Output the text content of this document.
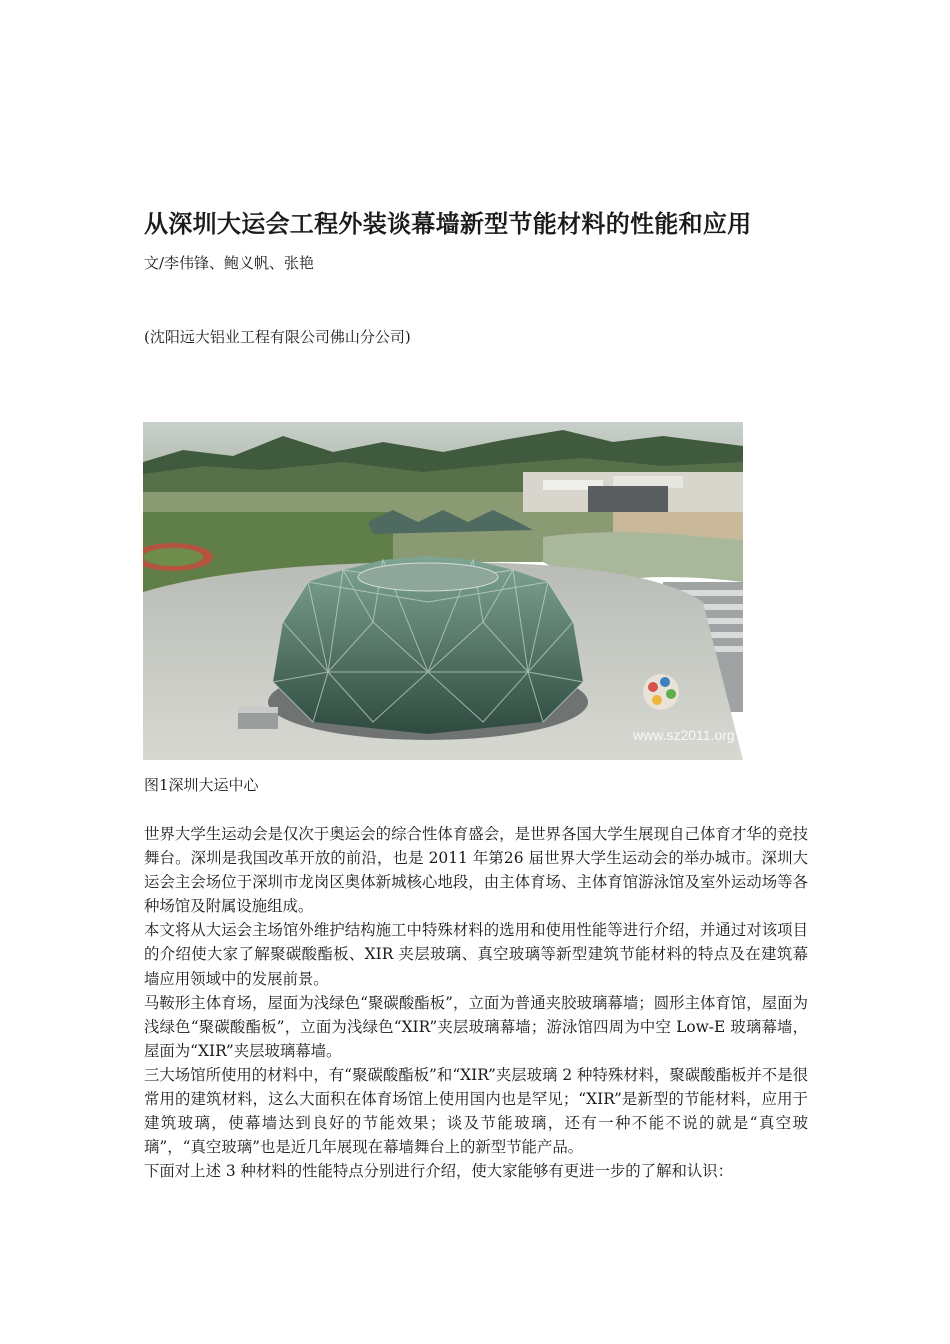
从深圳大运会工程外装谈幕墙新型节能材料的性能和应用
文/李伟锋、鲍义帆、张艳
(沈阳远大铝业工程有限公司佛山分公司)
www.sz2011.org
图1深圳大运中心

世界大学生运动会是仅次于奥运会的综合性体育盛会，是世界各国大学生展现自己体育才华的竞技舞台。深圳是我国改革开放的前沿，也是 2011 年第26 届世界大学生运动会的举办城市。深圳大运会主会场位于深圳市龙岗区奥体新城核心地段，由主体育场、主体育馆游泳馆及室外运动场等各种场馆及附属设施组成。

本文将从大运会主场馆外维护结构施工中特殊材料的选用和使用性能等进行介绍，并通过对该项目的介绍使大家了解聚碳酸酯板、XIR 夹层玻璃、真空玻璃等新型建筑节能材料的特点及在建筑幕墙应用领域中的发展前景。

马鞍形主体育场，屋面为浅绿色“聚碳酸酯板”，立面为普通夹胶玻璃幕墙；圆形主体育馆，屋面为浅绿色“聚碳酸酯板”，立面为浅绿色“XIR”夹层玻璃幕墙；游泳馆四周为中空 Low-E 玻璃幕墙，屋面为“XIR”夹层玻璃幕墙。

三大场馆所使用的材料中，有“聚碳酸酯板”和“XIR”夹层玻璃 2 种特殊材料，聚碳酸酯板并不是很常用的建筑材料，这么大面积在体育场馆上使用国内也是罕见；“XIR”是新型的节能材料，应用于建筑玻璃，使幕墙达到良好的节能效果；谈及节能玻璃，还有一种不能不说的就是“真空玻璃”，“真空玻璃”也是近几年展现在幕墙舞台上的新型节能产品。

下面对上述 3 种材料的性能特点分别进行介绍，使大家能够有更进一步的了解和认识：
